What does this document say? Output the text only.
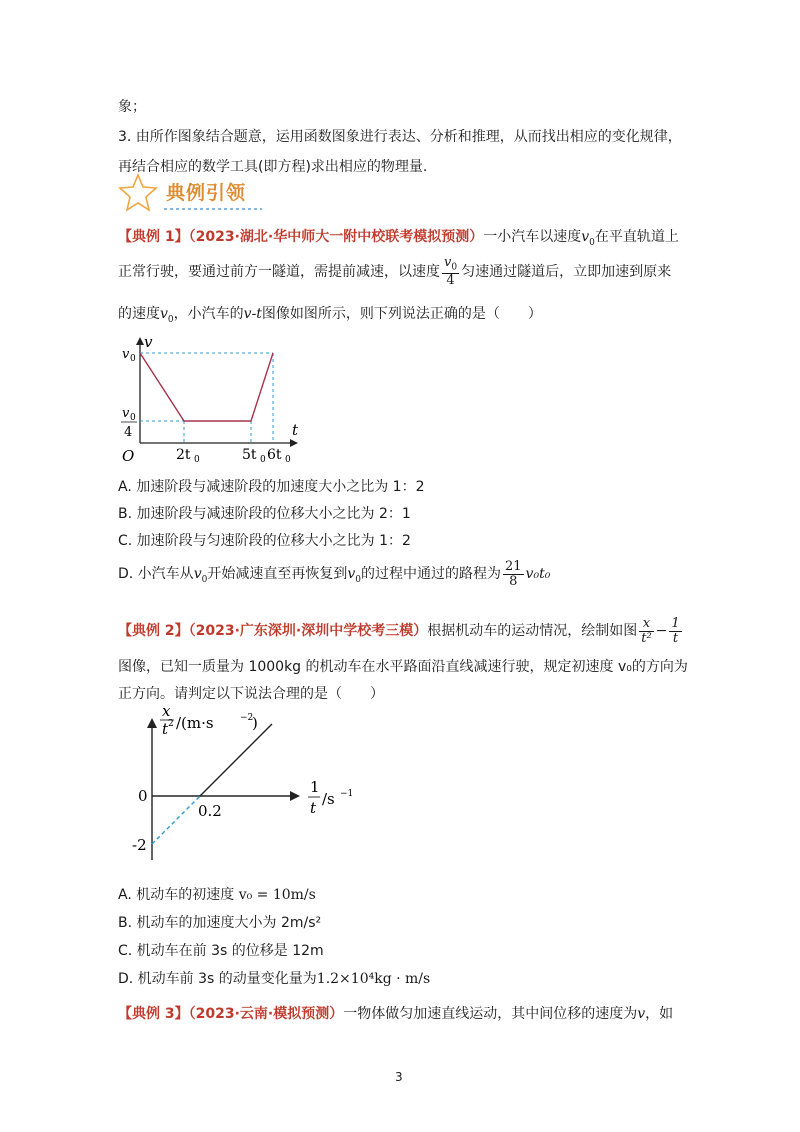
象；
3. 由所作图象结合题意，运用函数图象进行表达、分析和推理，从而找出相应的变化规律，
再结合相应的数学工具(即方程)求出相应的物理量.
典例引领
【典例 1】（2023·湖北·华中师大一附中校联考模拟预测）一小汽车以速度$v_0$在平直轨道上
正常行驶，要通过前方一隧道，需提前减速，以速度 $\frac{v_0}{4}$ 匀速通过隧道后，立即加速到原来
的速度$v_0$，小汽车的v-t图像如图所示，则下列说法正确的是（　　）
v
t
O
v 0
v 0
4
2t 0	5t 0 6t 0
A. 加速阶段与减速阶段的加速度大小之比为 1：2
B. 加速阶段与减速阶段的位移大小之比为 2：1
C. 加速阶段与匀速阶段的位移大小之比为 1：2
D. 小汽车从$v_0$开始减速直至再恢复到$v_0$的过程中通过的路程为 $\frac{21}{8} v_0t_0$
【典例 2】（2023·广东深圳·深圳中学校考三模）根据机动车的运动情况，绘制如图 $\frac{x}{\text{t²}} - \frac{1}{t}$
图像，已知一质量为 1000kg 的机动车在水平路面沿直线减速行驶，规定初速度 v₀的方向为
正方向。请判定以下说法合理的是（　　）
x
t 2 /(m·s	−2
)
1
t /s −1
0
0.2
-2
A. 机动车的初速度 v₀ = 10m/s
B. 机动车的加速度大小为 2m/s²
C. 机动车在前 3s 的位移是 12m
D. 机动车前 3s 的动量变化量为1.2×10⁴kg · m/s
【典例 3】（2023·云南·模拟预测）一物体做匀加速直线运动，其中间位移的速度为v，如
3
